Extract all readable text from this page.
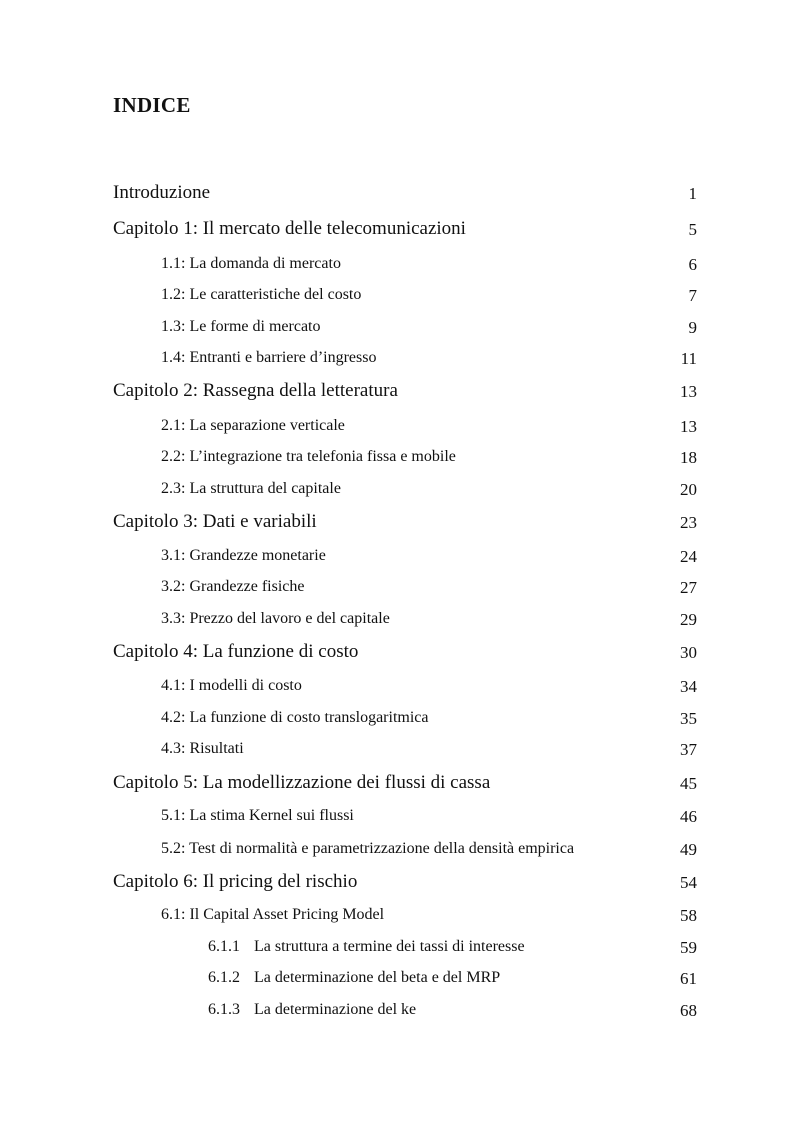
INDICE
Introduzione	1
Capitolo 1: Il mercato delle telecomunicazioni	5
1.1: La domanda di mercato	6
1.2: Le caratteristiche del costo	7
1.3: Le forme di mercato	9
1.4: Entranti e barriere d’ingresso	11
Capitolo 2: Rassegna della letteratura	13
2.1: La separazione verticale	13
2.2: L’integrazione tra telefonia fissa e mobile	18
2.3: La struttura del capitale	20
Capitolo 3: Dati e variabili	23
3.1: Grandezze monetarie	24
3.2: Grandezze fisiche	27
3.3: Prezzo del lavoro e del capitale	29
Capitolo 4: La funzione di costo	30
4.1: I modelli di costo	34
4.2: La funzione di costo translogaritmica	35
4.3: Risultati	37
Capitolo 5: La modellizzazione dei flussi di cassa	45
5.1: La stima Kernel sui flussi	46
5.2: Test di normalità e parametrizzazione della densità empirica	49
Capitolo 6: Il pricing del rischio	54
6.1: Il Capital Asset Pricing Model	58
6.1.1 La struttura a termine dei tassi di interesse	59
6.1.2 La determinazione del beta e del MRP	61
6.1.3 La determinazione del ke	68
